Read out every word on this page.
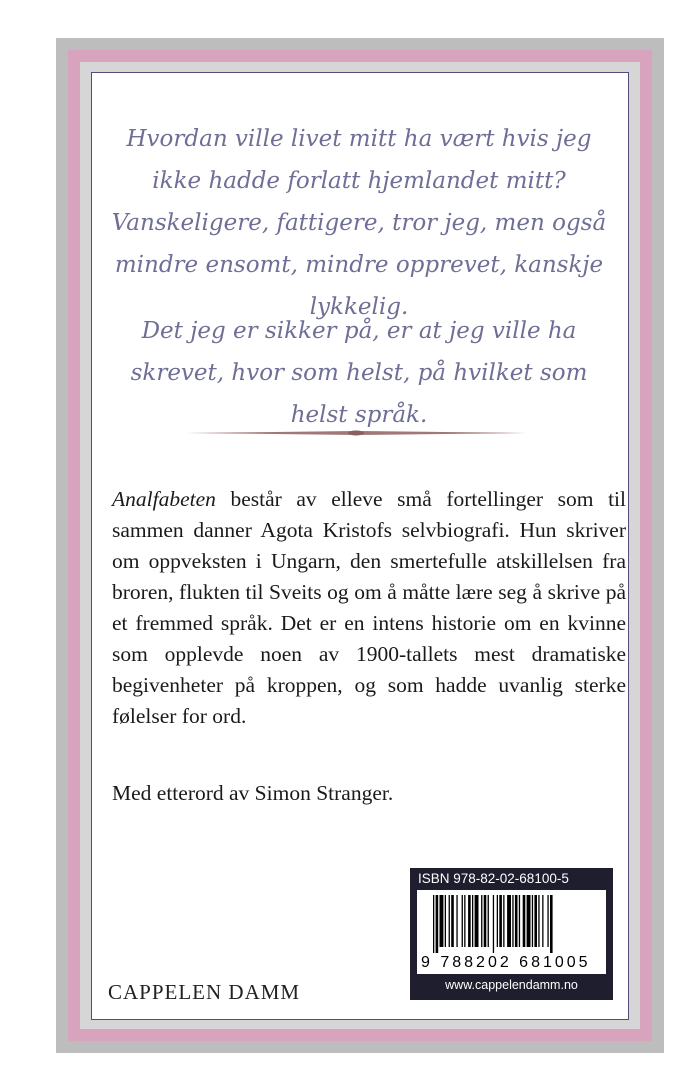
Hvordan ville livet mitt ha vært hvis jeg ikke hadde forlatt hjemlandet mitt? Vanskeligere, fattigere, tror jeg, men også mindre ensomt, mindre opprevet, kanskje lykkelig.

Det jeg er sikker på, er at jeg ville ha skrevet, hvor som helst, på hvilket som helst språk.

Analfabeten består av elleve små fortellinger som til sammen danner Agota Kristofs selvbiografi. Hun skriver om oppveksten i Ungarn, den smertefulle atskillelsen fra broren, flukten til Sveits og om å måtte lære seg å skrive på et fremmed språk. Det er en intens historie om en kvinne som opplevde noen av 1900-tallets mest dramatiske begivenheter på kroppen, og som hadde uvanlig sterke følelser for ord.

Med etterord av Simon Stranger.

CAPPELEN DAMM

ISBN 978-82-02-68100-5

9 788202 681005

www.cappelendamm.no
